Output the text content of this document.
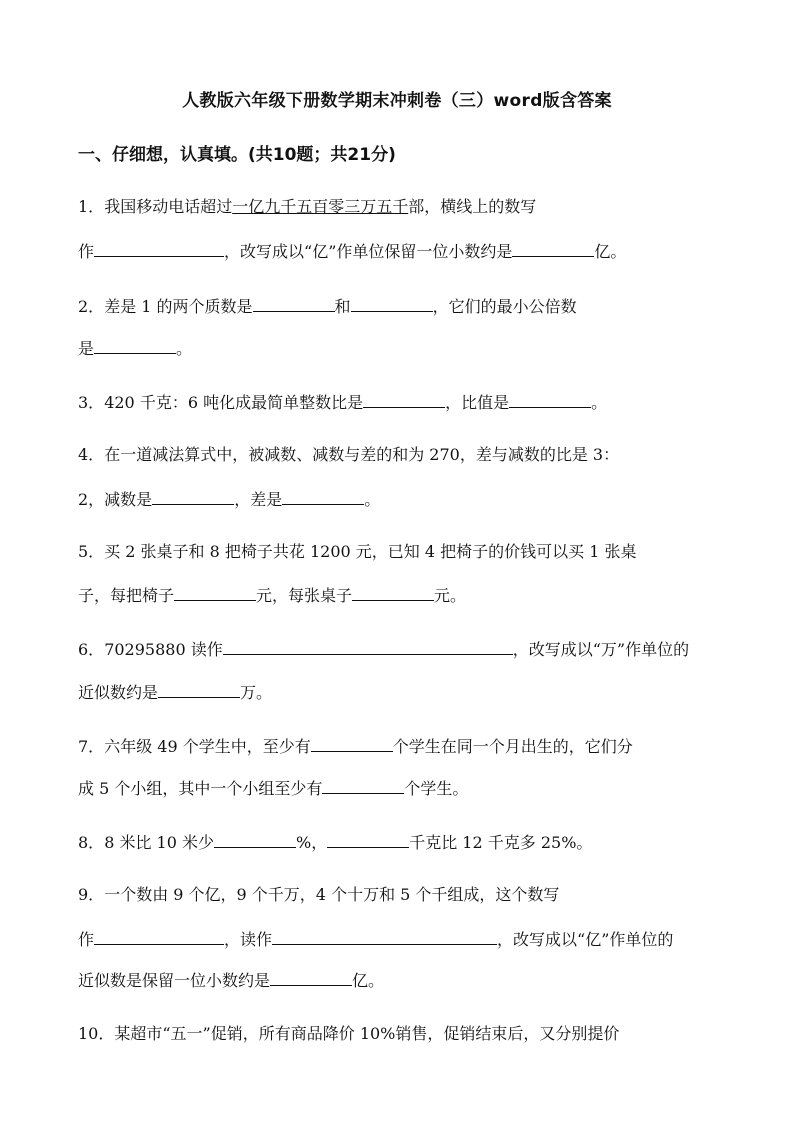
人教版六年级下册数学期末冲刺卷（三）word版含答案
一、仔细想，认真填。(共10题；共21分)
1．我国移动电话超过一亿九千五百零三万五千部，横线上的数写
作	，改写成以“亿”作单位保留一位小数约是	亿。
2．差是 1 的两个质数是	和	，它们的最小公倍数
是	。
3．420 千克：6 吨化成最简单整数比是	，比值是	。
4．在一道减法算式中，被减数、减数与差的和为 270，差与减数的比是 3：
2，减数是	，差是	。
5．买 2 张桌子和 8 把椅子共花 1200 元，已知 4 把椅子的价钱可以买 1 张桌
子，每把椅子	元，每张桌子	元。
6．70295880 读作	，改写成以“万”作单位的
近似数约是	万。
7．六年级 49 个学生中，至少有	个学生在同一个月出生的，它们分
成 5 个小组，其中一个小组至少有	个学生。
8．8 米比 10 米少	%，	千克比 12 千克多 25%。
9．一个数由 9 个亿，9 个千万，4 个十万和 5 个千组成，这个数写
作	，读作	，改写成以“亿”作单位的
近似数是保留一位小数约是	亿。
10．某超市“五一”促销，所有商品降价 10%销售，促销结束后，又分别提价
